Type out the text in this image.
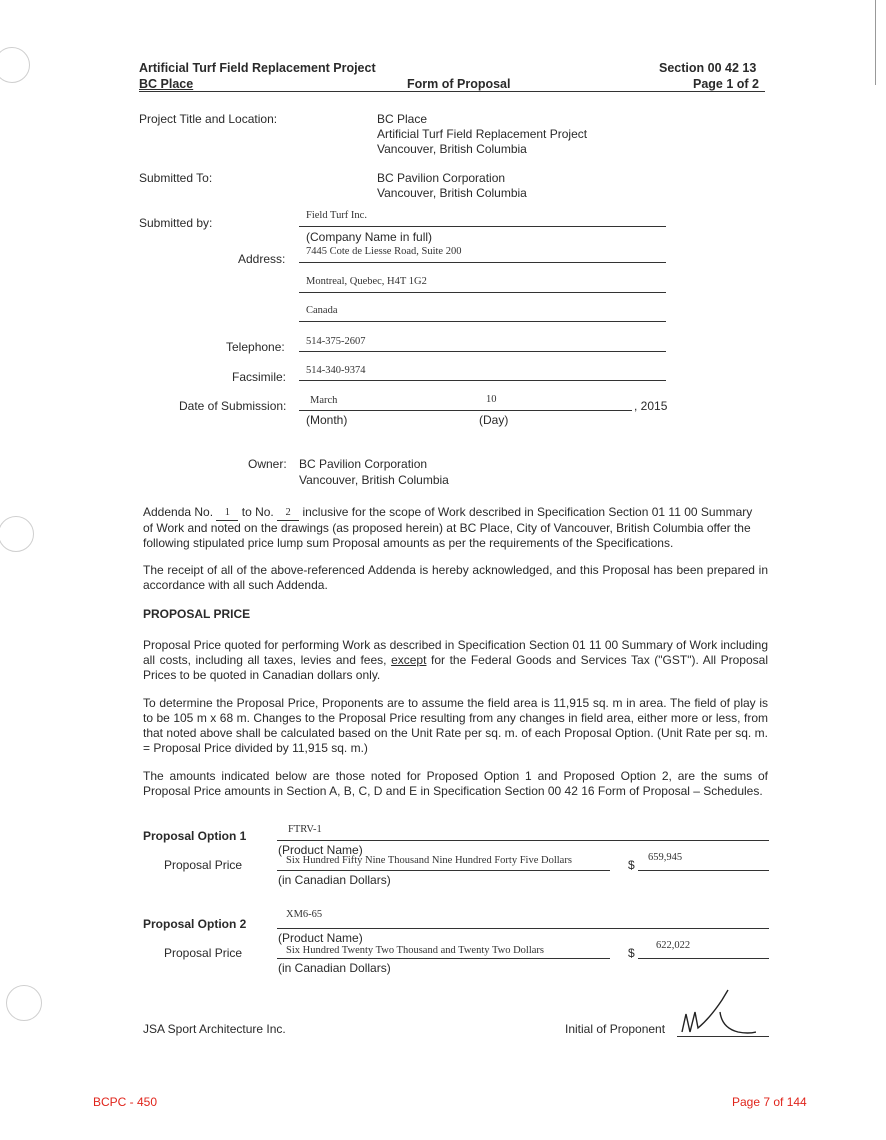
Artificial Turf Field Replacement Project
BC Place	Form of Proposal
Section 00 42 13
Page 1 of 2
Project Title and Location:	BC Place
Artificial Turf Field Replacement Project
Vancouver, British Columbia
Submitted To:	BC Pavilion Corporation
Vancouver, British Columbia
Submitted by:
Field Turf Inc.
(Company Name in full)
7445 Cote de Liesse Road, Suite 200
Address:
Montreal, Quebec, H4T 1G2
Canada
Telephone: 514-375-2607
Facsimile: 514-340-9374
Date of Submission: March	10	, 2015
(Month)	(Day)
Owner: BC Pavilion Corporation
Vancouver, British Columbia
Addenda No. 1 to No. 2 inclusive for the scope of Work described in Specification Section 01 11 00 Summary
of Work and noted on the drawings (as proposed herein) at BC Place, City of Vancouver, British Columbia offer the
following stipulated price lump sum Proposal amounts as per the requirements of the Specifications.
The receipt of all of the above-referenced Addenda is hereby acknowledged, and this Proposal has been prepared in accordance with all such Addenda.
PROPOSAL PRICE
Proposal Price quoted for performing Work as described in Specification Section 01 11 00 Summary of Work including all costs, including all taxes, levies and fees, except for the Federal Goods and Services Tax ("GST"). All Proposal Prices to be quoted in Canadian dollars only.
To determine the Proposal Price, Proponents are to assume the field area is 11,915 sq. m in area. The field of play is to be 105 m x 68 m. Changes to the Proposal Price resulting from any changes in field area, either more or less, from that noted above shall be calculated based on the Unit Rate per sq. m. of each Proposal Option. (Unit Rate per sq. m. = Proposal Price divided by 11,915 sq. m.)
The amounts indicated below are those noted for Proposed Option 1 and Proposed Option 2, are the sums of Proposal Price amounts in Section A, B, C, D and E in Specification Section 00 42 16 Form of Proposal – Schedules.
Proposal Option 1
Proposal Price
FTRV-1
(Product Name)
Six Hundred Fifty Nine Thousand Nine Hundred Forty Five Dollars	$
659,945
(in Canadian Dollars)
Proposal Option 2
Proposal Price
XM6-65
(Product Name)
Six Hundred Twenty Two Thousand and Twenty Two Dollars	$
622,022
(in Canadian Dollars)
JSA Sport Architecture Inc.	Initial of Proponent
BCPC - 450	Page 7 of 144
